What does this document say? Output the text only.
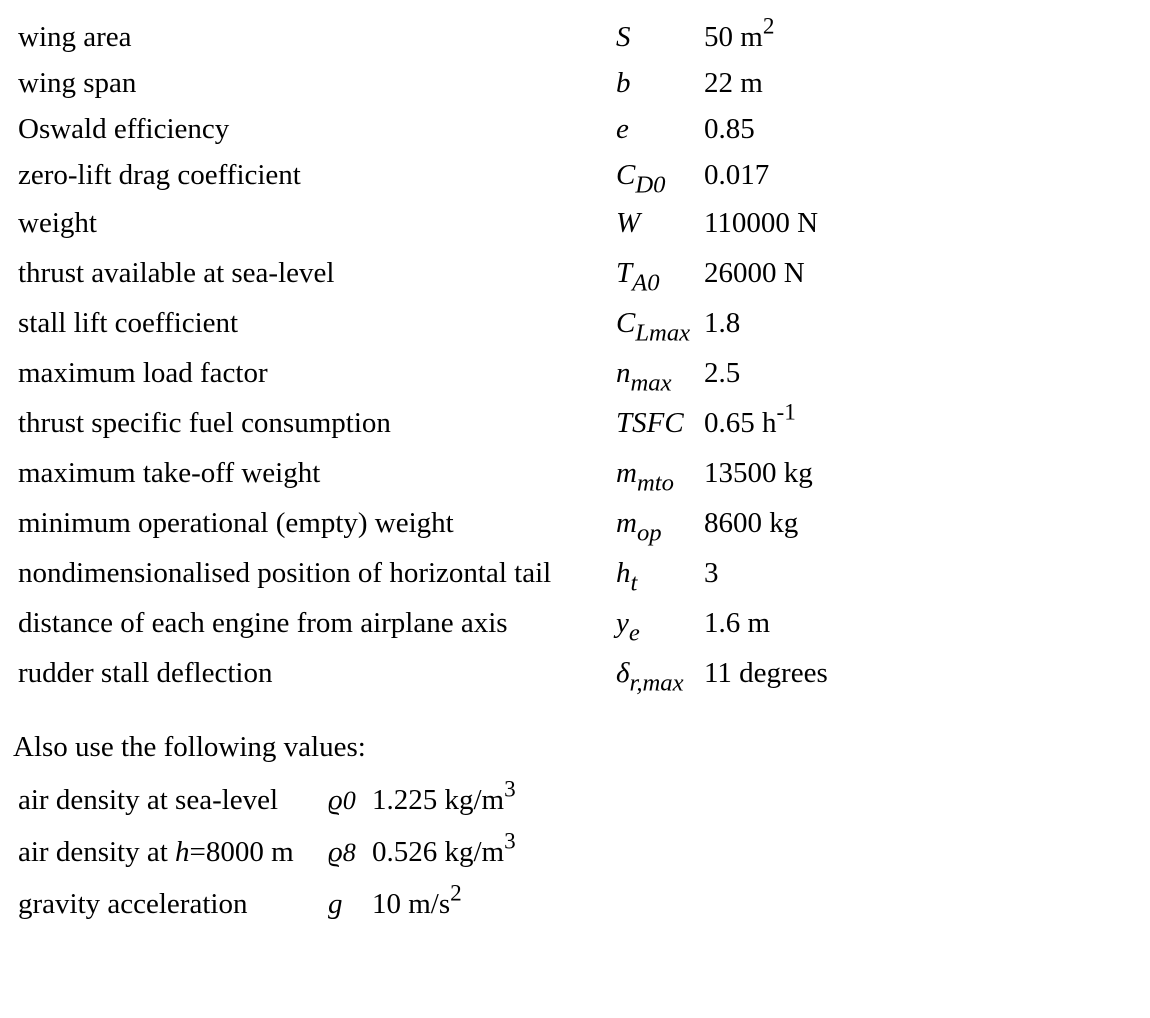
wing area	S	50 $m^2$
wing span	b	22 m
Oswald efficiency	e	0.85
zero-lift drag coefficient	$C_{D0}$	0.017
weight	W	110000 N
thrust available at sea-level	$T_{A0}$	26000 N
stall lift coefficient	$C_{Lmax}$	1.8
maximum load factor	$n_{max}$	2.5
thrust specific fuel consumption	TSFC	0.65 $h^{-1}$
maximum take-off weight	$m_{mto}$	13500 kg
minimum operational (empty) weight	$m_{op}$	8600 kg
nondimensionalised position of horizontal tail	$h_t$	3
distance of each engine from airplane axis	$y_e$	1.6 m
rudder stall deflection	$\delta_{r,max}$	11 degrees
Also use the following values:
air density at sea-level	ϱ0	1.225 $kg/m^3$
air density at h=8000 m	ϱ8	0.526 $kg/m^3$
gravity acceleration	g	10 $m/s^2$
